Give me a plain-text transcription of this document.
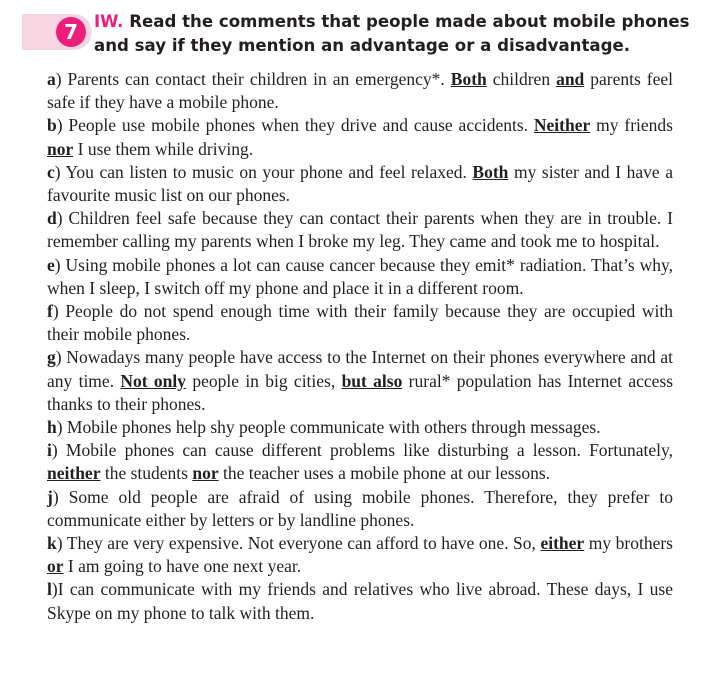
7 IW. Read the comments that people made about mobile phones and say if they mention an advantage or a disadvantage.

a) Parents can contact their children in an emergency*. Both children and parents feel safe if they have a mobile phone.

b) People use mobile phones when they drive and cause accidents. Neither my friends nor I use them while driving.

c) You can listen to music on your phone and feel relaxed. Both my sister and I have a favourite music list on our phones.

d) Children feel safe because they can contact their parents when they are in trouble. I remember calling my parents when I broke my leg. They came and took me to hospital.

e) Using mobile phones a lot can cause cancer because they emit* radiation. That’s why, when I sleep, I switch off my phone and place it in a different room.

f) People do not spend enough time with their family because they are occupied with their mobile phones.

g) Nowadays many people have access to the Internet on their phones everywhere and at any time. Not only people in big cities, but also rural* population has Internet access thanks to their phones.

h) Mobile phones help shy people communicate with others through messages.

i) Mobile phones can cause different problems like disturbing a lesson. Fortunately, neither the students nor the teacher uses a mobile phone at our lessons.

j) Some old people are afraid of using mobile phones. Therefore, they prefer to communicate either by letters or by landline phones.

k) They are very expensive. Not everyone can afford to have one. So, either my brothers or I am going to have one next year.

l)I can communicate with my friends and relatives who live abroad. These days, I use Skype on my phone to talk with them.
